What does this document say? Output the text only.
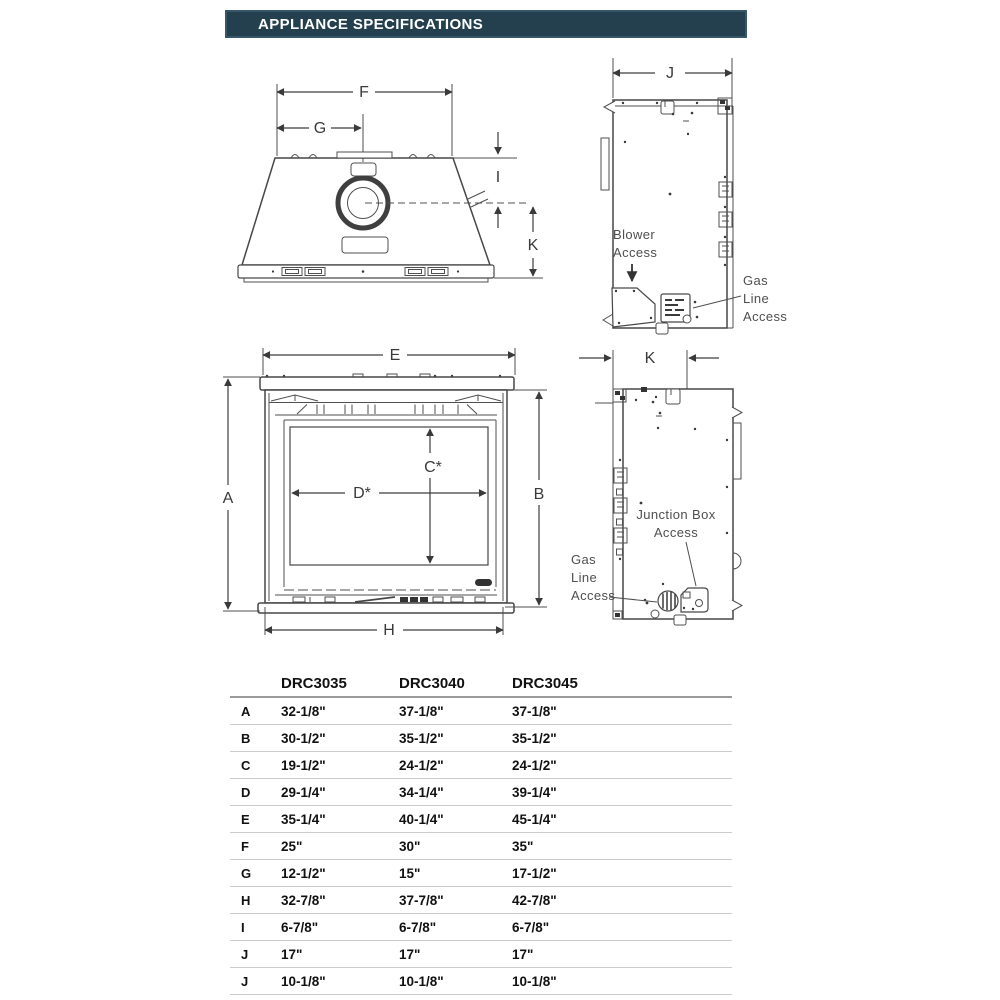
APPLIANCE SPECIFICATIONS
F
G
I
K
J
Blower
Access
Gas
Line
Access
E
A	B
C*
D*
H
K
Junction Box
Access
Gas
Line
Access
	DRC3035	DRC3040	DRC3045
A	32-1/8"	37-1/8"	37-1/8"
B	30-1/2"	35-1/2"	35-1/2"
C	19-1/2"	24-1/2"	24-1/2"
D	29-1/4"	34-1/4"	39-1/4"
E	35-1/4"	40-1/4"	45-1/4"
F	25"	30"	35"
G	12-1/2"	15"	17-1/2"
H	32-7/8"	37-7/8"	42-7/8"
I	6-7/8"	6-7/8"	6-7/8"
J	17"	17"	17"
J	10-1/8"	10-1/8"	10-1/8"
